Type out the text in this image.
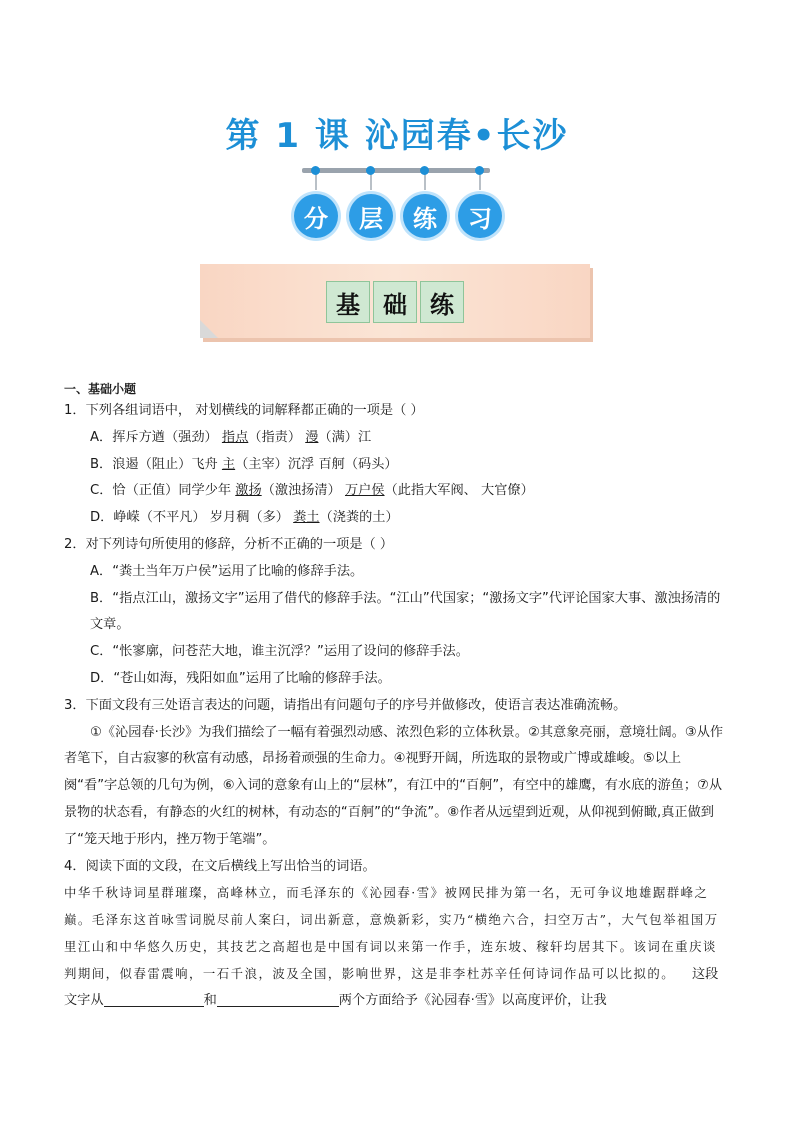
第 1 课 沁园春•长沙
分	层	练	习
基 础 练

一、基础小题

1．下列各组词语中， 对划横线的词解释都正确的一项是（ ）

A．挥斥方遒（强劲） 指点（指责） 漫（满）江

B．浪遏（阻止）飞舟 主（主宰）沉浮 百舸（码头）

C．恰（正值）同学少年 激扬（激浊扬清） 万户侯（此指大军阀、 大官僚）

D．峥嵘（不平凡） 岁月稠（多） 粪土（浇粪的土）

2．对下列诗句所使用的修辞，分析不正确的一项是（ ）

A．“粪土当年万户侯”运用了比喻的修辞手法。

B．“指点江山，激扬文字”运用了借代的修辞手法。“江山”代国家；“激扬文字”代评论国家大事、激浊扬清的文章。

C．“怅寥廓，问苍茫大地，谁主沉浮？”运用了设问的修辞手法。

D．“苍山如海，残阳如血”运用了比喻的修辞手法。

3．下面文段有三处语言表达的问题，请指出有问题句子的序号并做修改，使语言表达准确流畅。

①《沁园春·长沙》为我们描绘了一幅有着强烈动感、浓烈色彩的立体秋景。②其意象亮丽，意境壮阔。③从作者笔下，自古寂寥的秋富有动感，昂扬着顽强的生命力。④视野开阔，所选取的景物或广博或雄峻。⑤以上阕“看”字总领的几句为例，⑥入词的意象有山上的“层林”，有江中的“百舸”，有空中的雄鹰，有水底的游鱼；⑦从景物的状态看，有静态的火红的树林，有动态的“百舸”的“争流”。⑧作者从远望到近观，从仰视到俯瞰,真正做到了“笼天地于形内，挫万物于笔端”。

4．阅读下面的文段，在文后横线上写出恰当的词语。

中华千秋诗词星群璀璨，高峰林立，而毛泽东的《沁园春·雪》被网民排为第一名，无可争议地雄踞群峰之巅。毛泽东这首咏雪词脱尽前人案臼，词出新意，意焕新彩，实乃“横绝六合，扫空万古”，大气包举祖国万里江山和中华悠久历史，其技艺之高超也是中国有词以来第一作手，连东坡、稼轩均居其下。该词在重庆谈判期间，似春雷震响，一石千浪，波及全国，影响世界，这是非李杜苏辛任何诗词作品可以比拟的。 这段文字从	和	两个方面给予《沁园春·雪》以高度评价，让我
